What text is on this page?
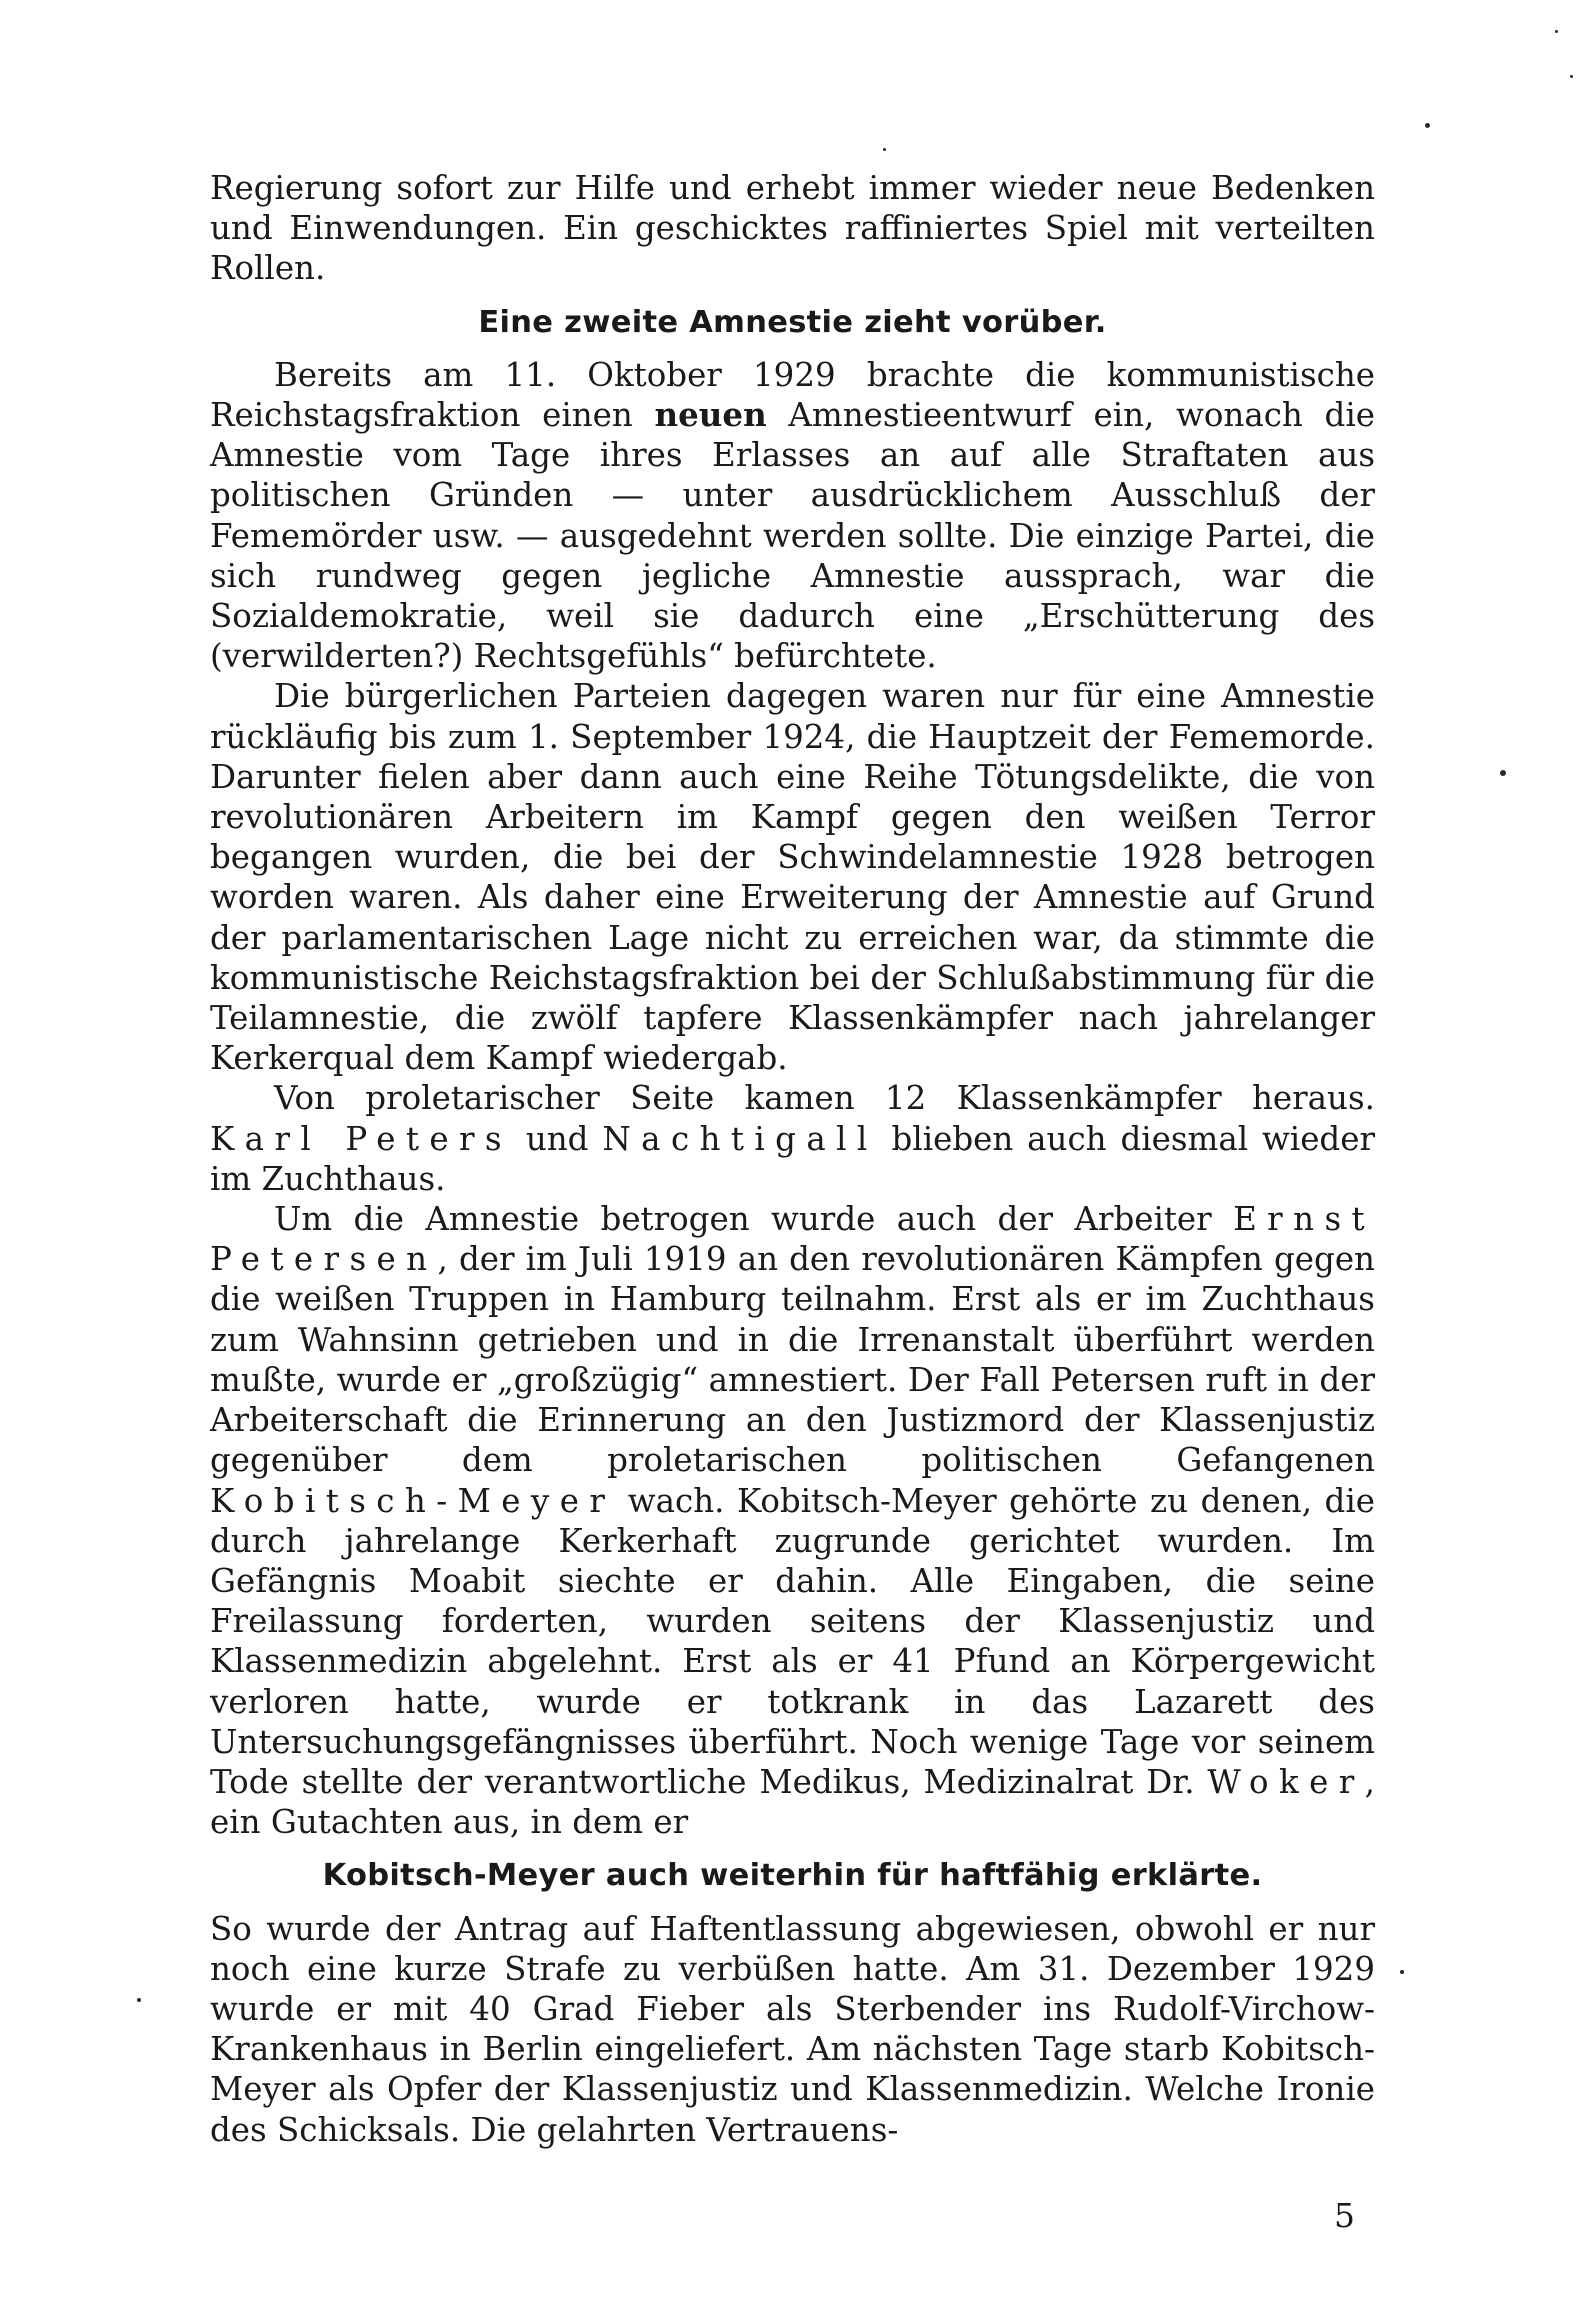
Regierung sofort zur Hilfe und erhebt immer wieder neue Bedenken und Einwendungen. Ein geschicktes raffiniertes Spiel mit verteilten Rollen.

Eine zweite Amnestie zieht vorüber.

Bereits am 11. Oktober 1929 brachte die kommunistische Reichstagsfraktion einen neuen Amnestieentwurf ein, wonach die Amnestie vom Tage ihres Erlasses an auf alle Straftaten aus politischen Gründen — unter ausdrücklichem Ausschluß der Fememörder usw. — ausgedehnt werden sollte. Die einzige Partei, die sich rundweg gegen jegliche Amnestie aussprach, war die Sozialdemokratie, weil sie dadurch eine „Erschütterung des (verwilderten?) Rechtsgefühls“ befürchtete.

Die bürgerlichen Parteien dagegen waren nur für eine Amnestie rückläufig bis zum 1. September 1924, die Hauptzeit der Fememorde. Darunter fielen aber dann auch eine Reihe Tötungsdelikte, die von revolutionären Arbeitern im Kampf gegen den weißen Terror begangen wurden, die bei der Schwindelamnestie 1928 betrogen worden waren. Als daher eine Erweiterung der Amnestie auf Grund der parlamentarischen Lage nicht zu erreichen war, da stimmte die kommunistische Reichstagsfraktion bei der Schlußabstimmung für die Teilamnestie, die zwölf tapfere Klassenkämpfer nach jahrelanger Kerkerqual dem Kampf wiedergab.

Von proletarischer Seite kamen 12 Klassenkämpfer heraus. Karl Peters und Nachtigall blieben auch diesmal wieder im Zuchthaus.

Um die Amnestie betrogen wurde auch der Arbeiter Ernst Petersen, der im Juli 1919 an den revolutionären Kämpfen gegen die weißen Truppen in Hamburg teilnahm. Erst als er im Zuchthaus zum Wahnsinn getrieben und in die Irrenanstalt überführt werden mußte, wurde er „großzügig“ amnestiert. Der Fall Petersen ruft in der Arbeiterschaft die Erinnerung an den Justizmord der Klassenjustiz gegenüber dem proletarischen politischen Gefangenen Kobitsch-Meyer wach. Kobitsch-Meyer gehörte zu denen, die durch jahrelange Kerkerhaft zugrunde gerichtet wurden. Im Gefängnis Moabit siechte er dahin. Alle Eingaben, die seine Freilassung forderten, wurden seitens der Klassenjustiz und Klassenmedizin abgelehnt. Erst als er 41 Pfund an Körpergewicht verloren hatte, wurde er totkrank in das Lazarett des Untersuchungsgefängnisses überführt. Noch wenige Tage vor seinem Tode stellte der verantwortliche Medikus, Medizinalrat Dr. Woker, ein Gutachten aus, in dem er

Kobitsch-Meyer auch weiterhin für haftfähig erklärte.

So wurde der Antrag auf Haftentlassung abgewiesen, obwohl er nur noch eine kurze Strafe zu verbüßen hatte. Am 31. Dezember 1929 wurde er mit 40 Grad Fieber als Sterbender ins Rudolf-Virchow-Krankenhaus in Berlin eingeliefert. Am nächsten Tage starb Kobitsch-Meyer als Opfer der Klassenjustiz und Klassenmedizin. Welche Ironie des Schicksals. Die gelahrten Vertrauens-

5
